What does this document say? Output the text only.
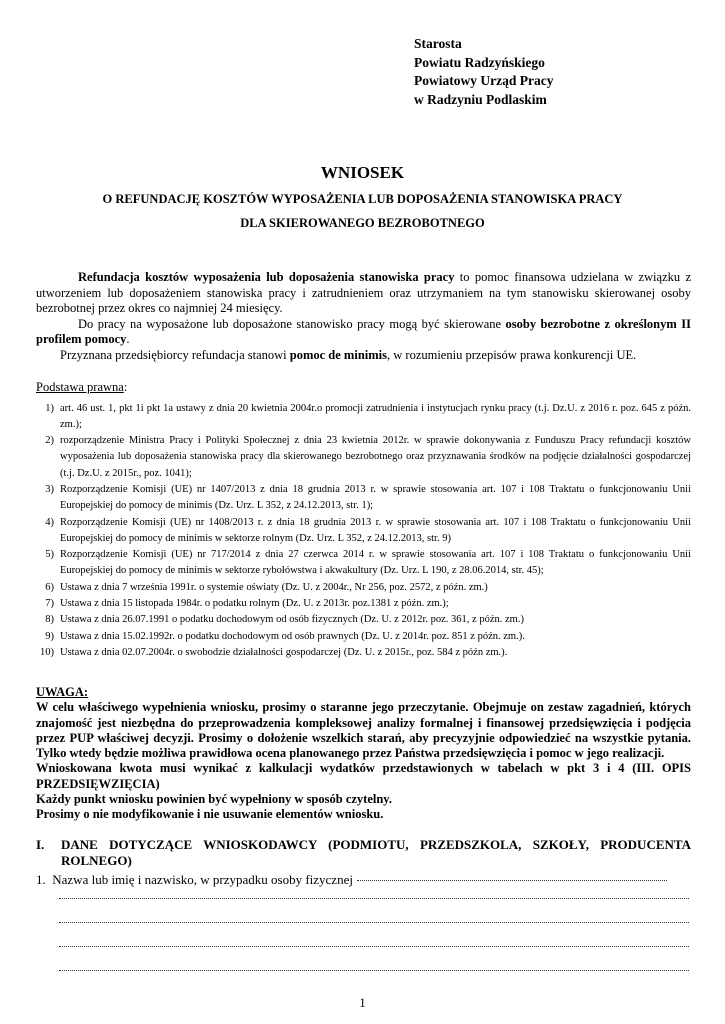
Starosta
Powiatu Radzyńskiego
Powiatowy Urząd Pracy
w Radzyniu Podlaskim
WNIOSEK
O REFUNDACJĘ KOSZTÓW WYPOSAŻENIA LUB DOPOSAŻENIA STANOWISKA PRACY
DLA SKIEROWANEGO BEZROBOTNEGO

Refundacja kosztów wyposażenia lub doposażenia stanowiska pracy to pomoc finansowa udzielana w związku z utworzeniem lub doposażeniem stanowiska pracy i zatrudnieniem oraz utrzymaniem na tym stanowisku skierowanej osoby bezrobotnej przez okres co najmniej 24 miesięcy.

Do pracy na wyposażone lub doposażone stanowisko pracy mogą być skierowane osoby bezrobotne z określonym II profilem pomocy.

Przyznana przedsiębiorcy refundacja stanowi pomoc de minimis, w rozumieniu przepisów prawa konkurencji UE.

Podstawa prawna:
1) art. 46 ust. 1, pkt 1i pkt 1a ustawy z dnia 20 kwietnia 2004r.o promocji zatrudnienia i instytucjach rynku pracy (t.j. Dz.U. z 2016 r. poz. 645 z późn. zm.);
2) rozporządzenie Ministra Pracy i Polityki Społecznej z dnia 23 kwietnia 2012r. w sprawie dokonywania z Funduszu Pracy refundacji kosztów wyposażenia lub doposażenia stanowiska pracy dla skierowanego bezrobotnego oraz przyznawania środków na podjęcie działalności gospodarczej (t.j. Dz.U. z 2015r., poz. 1041);
3) Rozporządzenie Komisji (UE) nr 1407/2013 z dnia 18 grudnia 2013 r. w sprawie stosowania art. 107 i 108 Traktatu o funkcjonowaniu Unii Europejskiej do pomocy de minimis (Dz. Urz. L 352, z 24.12.2013, str. 1);
4) Rozporządzenie Komisji (UE) nr 1408/2013 r. z dnia 18 grudnia 2013 r. w sprawie stosowania art. 107 i 108 Traktatu o funkcjonowaniu Unii Europejskiej do pomocy de minimis w sektorze rolnym (Dz. Urz. L 352, z 24.12.2013, str. 9)
5) Rozporządzenie Komisji (UE) nr 717/2014 z dnia 27 czerwca 2014 r. w sprawie stosowania art. 107 i 108 Traktatu o funkcjonowaniu Unii Europejskiej do pomocy de minimis w sektorze rybołówstwa i akwakultury (Dz. Urz. L 190, z 28.06.2014, str. 45);
6) Ustawa z dnia 7 września 1991r. o systemie oświaty (Dz. U. z 2004r., Nr 256, poz. 2572, z późn. zm.)
7) Ustawa z dnia 15 listopada 1984r. o podatku rolnym (Dz. U. z 2013r. poz.1381 z późn. zm.);
8) Ustawa z dnia 26.07.1991 o podatku dochodowym od osób fizycznych (Dz. U. z 2012r. poz. 361, z późn. zm.)
9) Ustawa z dnia 15.02.1992r. o podatku dochodowym od osób prawnych (Dz. U. z 2014r. poz. 851 z późn. zm.).
10) Ustawa z dnia 02.07.2004r. o swobodzie działalności gospodarczej (Dz. U. z 2015r., poz. 584 z późn zm.).
UWAGA:
W celu właściwego wypełnienia wniosku, prosimy o staranne jego przeczytanie. Obejmuje on zestaw zagadnień, których znajomość jest niezbędna do przeprowadzenia kompleksowej analizy formalnej i finansowej przedsięwzięcia i podjęcia przez PUP właściwej decyzji. Prosimy o dołożenie wszelkich starań, aby precyzyjnie odpowiedzieć na wszystkie pytania. Tylko wtedy będzie możliwa prawidłowa ocena planowanego przez Państwa przedsięwzięcia i pomoc w jego realizacji.
Wnioskowana kwota musi wynikać z kalkulacji wydatków przedstawionych w tabelach w pkt 3 i 4 (III. OPIS PRZEDSIĘWZIĘCIA)
Każdy punkt wniosku powinien być wypełniony w sposób czytelny.
Prosimy o nie modyfikowanie i nie usuwanie elementów wniosku.
I. DANE DOTYCZĄCE WNIOSKODAWCY (PODMIOTU, PRZEDSZKOLA, SZKOŁY, PRODUCENTA ROLNEGO)
1. Nazwa lub imię i nazwisko, w przypadku osoby fizycznej
1
